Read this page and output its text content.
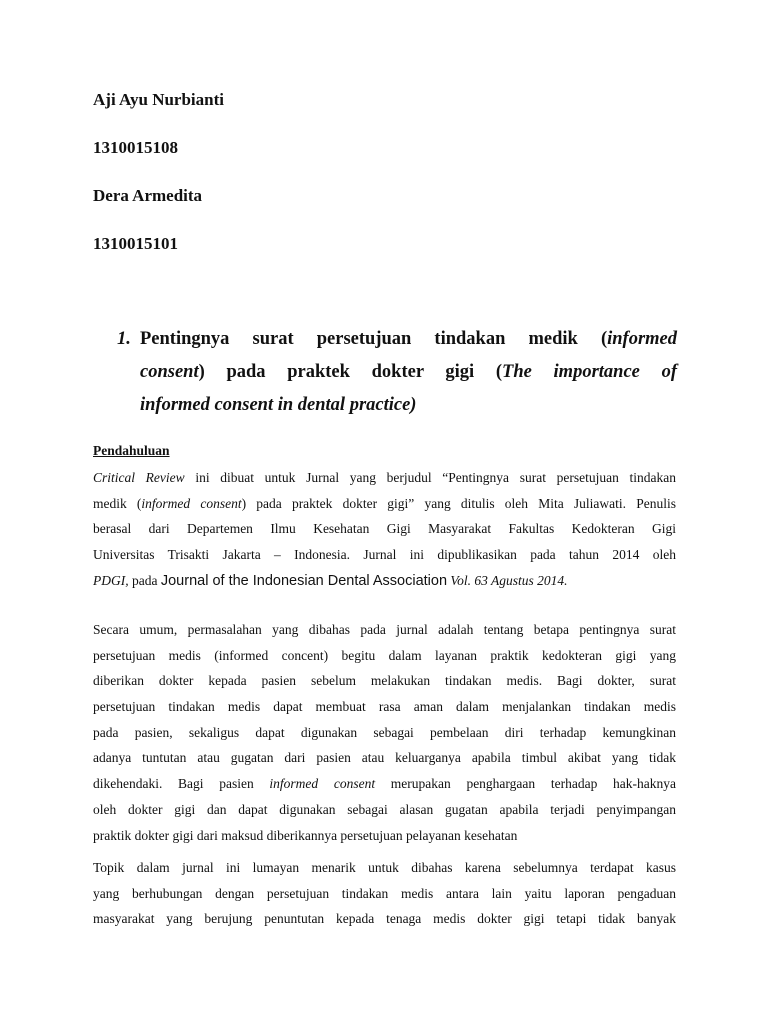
Aji Ayu Nurbianti

1310015108

Dera Armedita

1310015101

1. Pentingnya surat persetujuan tindakan medik (informed
consent) pada praktek dokter gigi (The importance of
informed consent in dental practice)

Pendahuluan

Critical Review ini dibuat untuk Jurnal yang berjudul “Pentingnya surat persetujuan tindakan
medik (informed consent) pada praktek dokter gigi” yang ditulis oleh Mita Juliawati. Penulis
berasal dari Departemen Ilmu Kesehatan Gigi Masyarakat Fakultas Kedokteran Gigi
Universitas Trisakti Jakarta – Indonesia. Jurnal ini dipublikasikan pada tahun 2014 oleh
PDGI, pada Journal of the Indonesian Dental Association Vol. 63 Agustus 2014.
Secara umum, permasalahan yang dibahas pada jurnal adalah tentang betapa pentingnya surat
persetujuan medis (informed concent) begitu dalam layanan praktik kedokteran gigi yang
diberikan dokter kepada pasien sebelum melakukan tindakan medis. Bagi dokter, surat
persetujuan tindakan medis dapat membuat rasa aman dalam menjalankan tindakan medis
pada pasien, sekaligus dapat digunakan sebagai pembelaan diri terhadap kemungkinan
adanya tuntutan atau gugatan dari pasien atau keluarganya apabila timbul akibat yang tidak
dikehendaki. Bagi pasien informed consent merupakan penghargaan terhadap hak-haknya
oleh dokter gigi dan dapat digunakan sebagai alasan gugatan apabila terjadi penyimpangan
praktik dokter gigi dari maksud diberikannya persetujuan pelayanan kesehatan
Topik dalam jurnal ini lumayan menarik untuk dibahas karena sebelumnya terdapat kasus
yang berhubungan dengan persetujuan tindakan medis antara lain yaitu laporan pengaduan
masyarakat yang berujung penuntutan kepada tenaga medis dokter gigi tetapi tidak banyak
